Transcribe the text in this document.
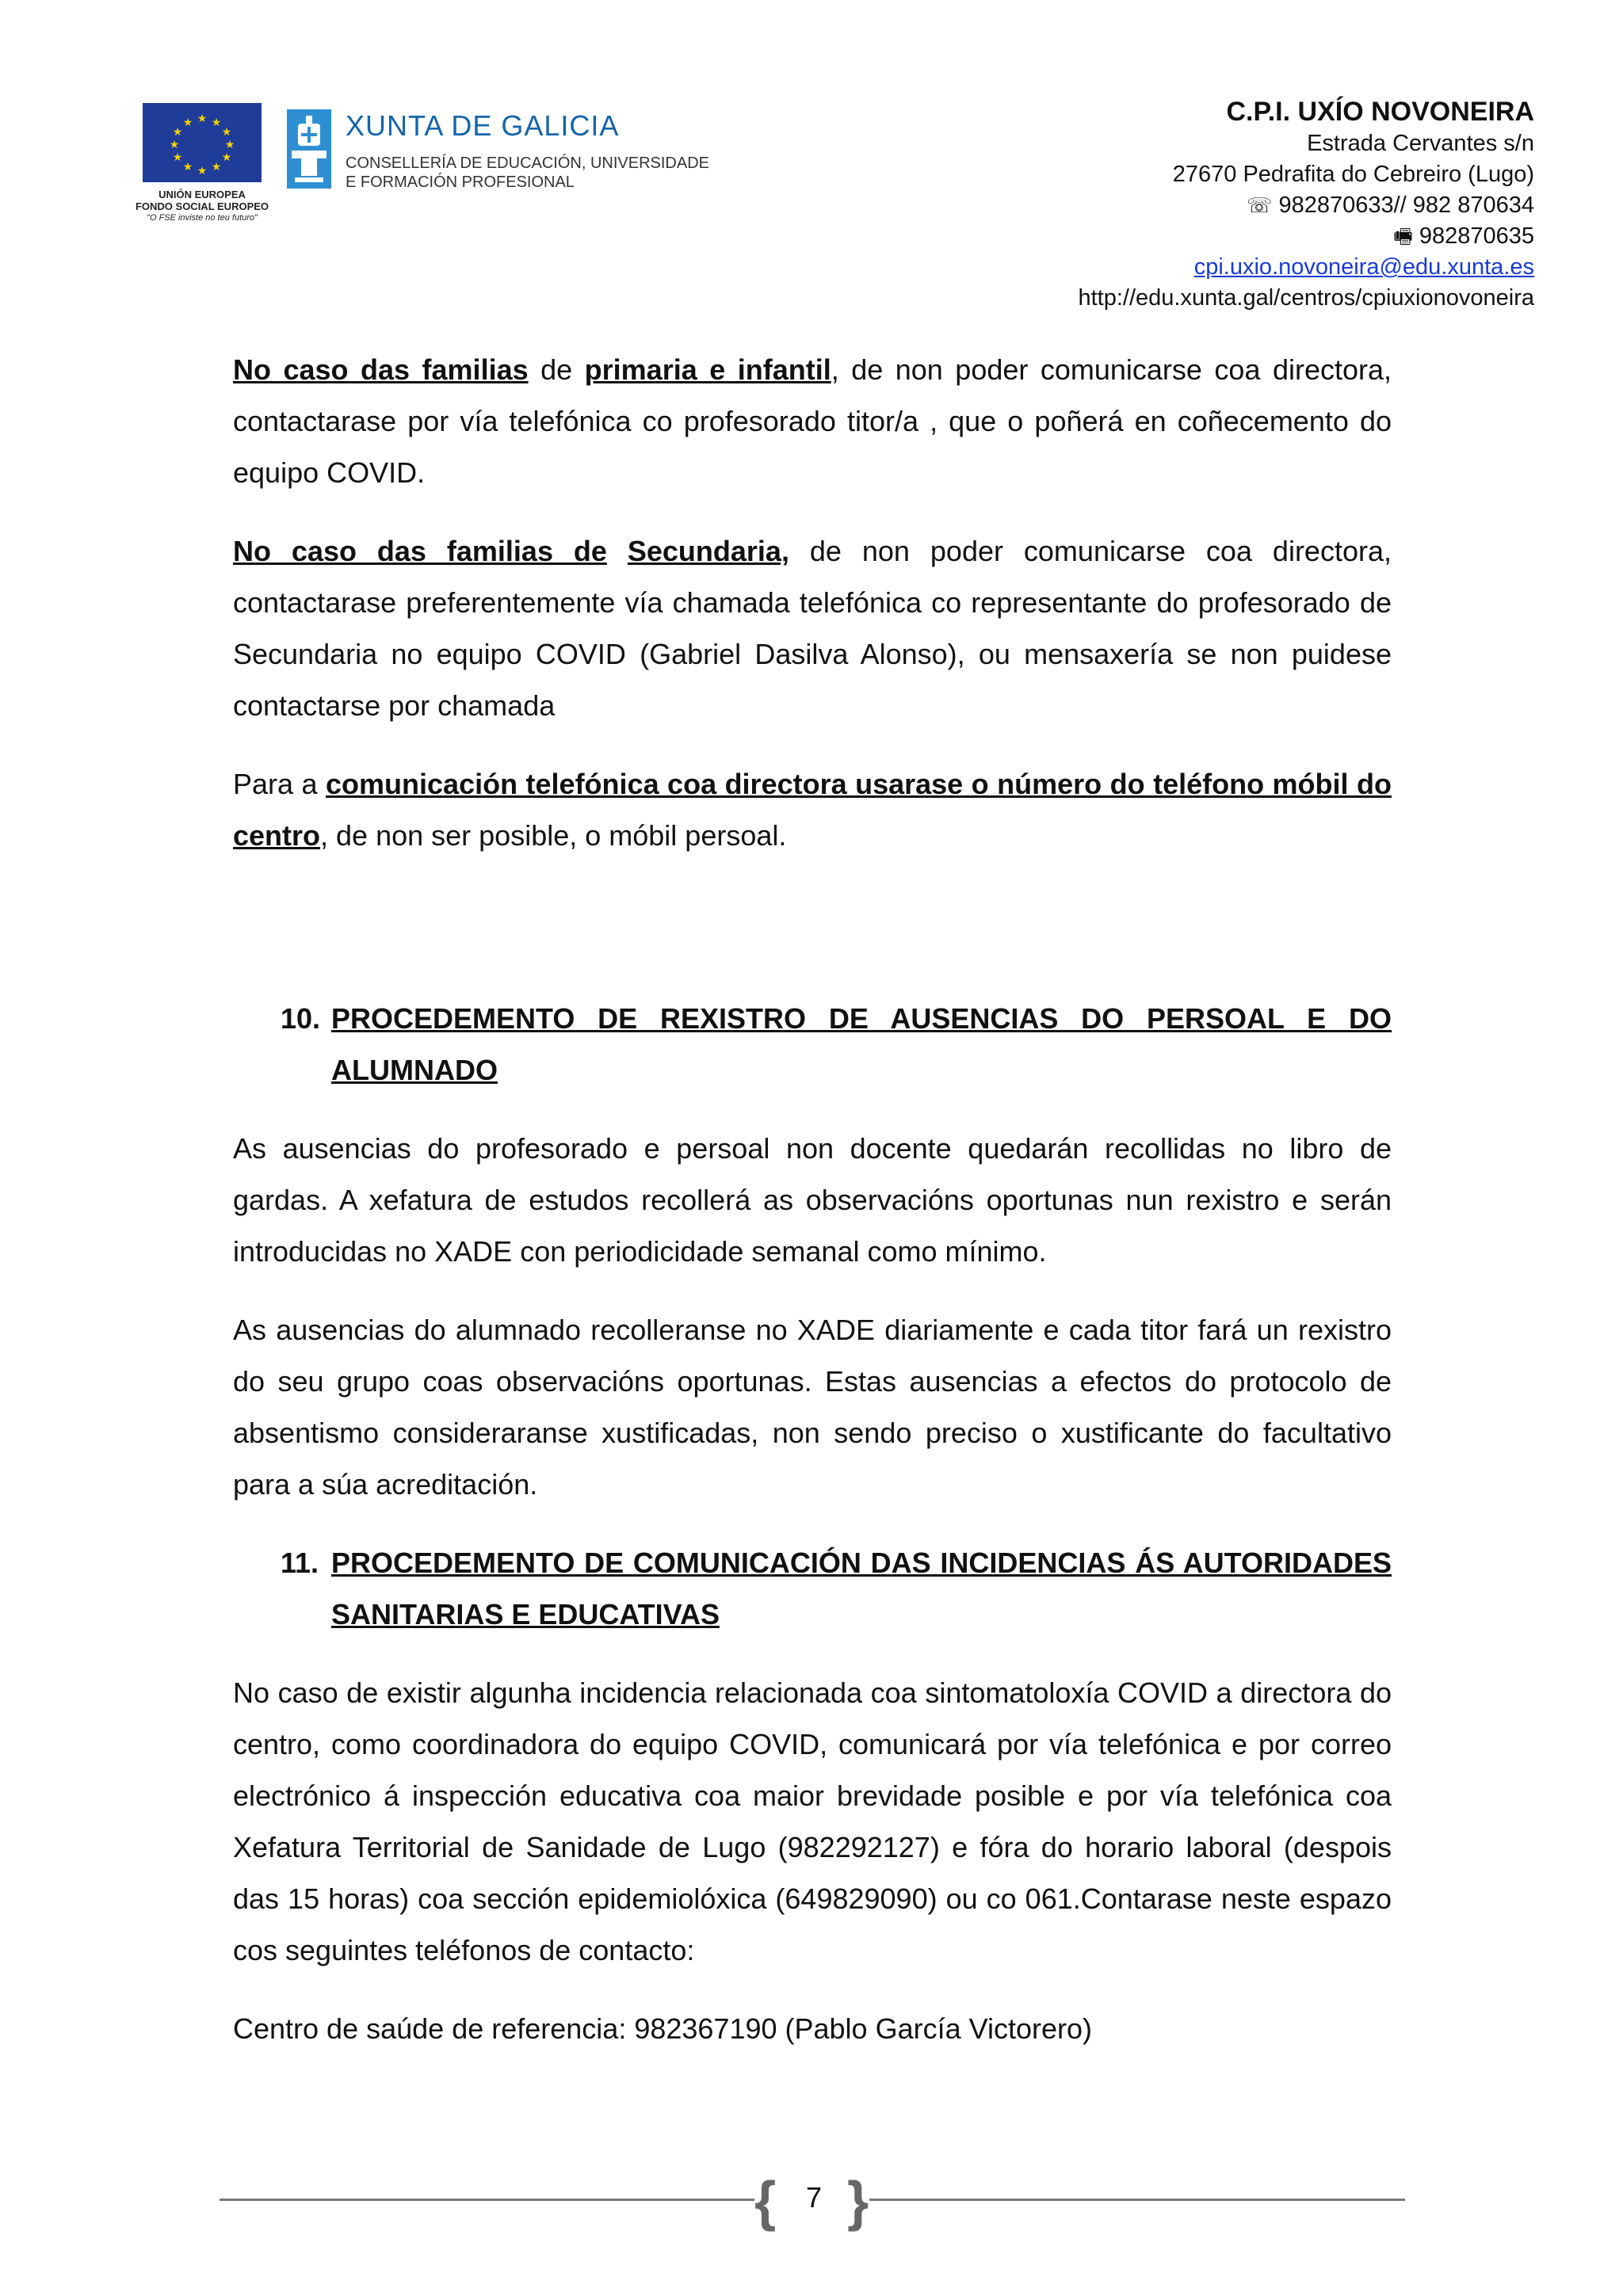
★ ★
★
★
★
★
★
★
★
★
★
★
UNIÓN EUROPEA
FONDO SOCIAL EUROPEO
"O FSE inviste no teu futuro"
XUNTA DE GALICIA
CONSELLERÍA DE EDUCACIÓN, UNIVERSIDADE
E FORMACIÓN PROFESIONAL
C.P.I. UXÍO NOVONEIRA
Estrada Cervantes s/n
27670 Pedrafita do Cebreiro (Lugo)
☏ 982870633// 982 870634
🖷 982870635
cpi.uxio.novoneira@edu.xunta.es
http://edu.xunta.gal/centros/cpiuxionovoneira

No caso das familias de primaria e infantil, de non poder comunicarse coa directora, contactarase por vía telefónica co profesorado titor/a , que o poñerá en coñecemento do equipo COVID.

No caso das familias de Secundaria, de non poder comunicarse coa directora, contactarase preferentemente vía chamada telefónica co representante do profesorado de Secundaria no equipo COVID (Gabriel Dasilva Alonso), ou mensaxería se non puidese contactarse por chamada

Para a comunicación telefónica coa directora usarase o número do teléfono móbil do centro, de non ser posible, o móbil persoal.

10. PROCEDEMENTO DE REXISTRO DE AUSENCIAS DO PERSOAL E DO ALUMNADO

As ausencias do profesorado e persoal non docente quedarán recollidas no libro de gardas. A xefatura de estudos recollerá as observacións oportunas nun rexistro e serán introducidas no XADE con periodicidade semanal como mínimo.

As ausencias do alumnado recolleranse no XADE diariamente e cada titor fará un rexistro do seu grupo coas observacións oportunas. Estas ausencias a efectos do protocolo de absentismo consideraranse xustificadas, non sendo preciso o xustificante do facultativo para a súa acreditación.

11. PROCEDEMENTO DE COMUNICACIÓN DAS INCIDENCIAS ÁS AUTORIDADES SANITARIAS E EDUCATIVAS

No caso de existir algunha incidencia relacionada coa sintomatoloxía COVID a directora do centro, como coordinadora do equipo COVID, comunicará por vía telefónica e por correo electrónico á inspección educativa coa maior brevidade posible e por vía telefónica coa Xefatura Territorial de Sanidade de Lugo (982292127) e fóra do horario laboral (despois das 15 horas) coa sección epidemiolóxica (649829090) ou co 061.Contarase neste espazo cos seguintes teléfonos de contacto:

Centro de saúde de referencia: 982367190 (Pablo García Victorero)

{	7 }
